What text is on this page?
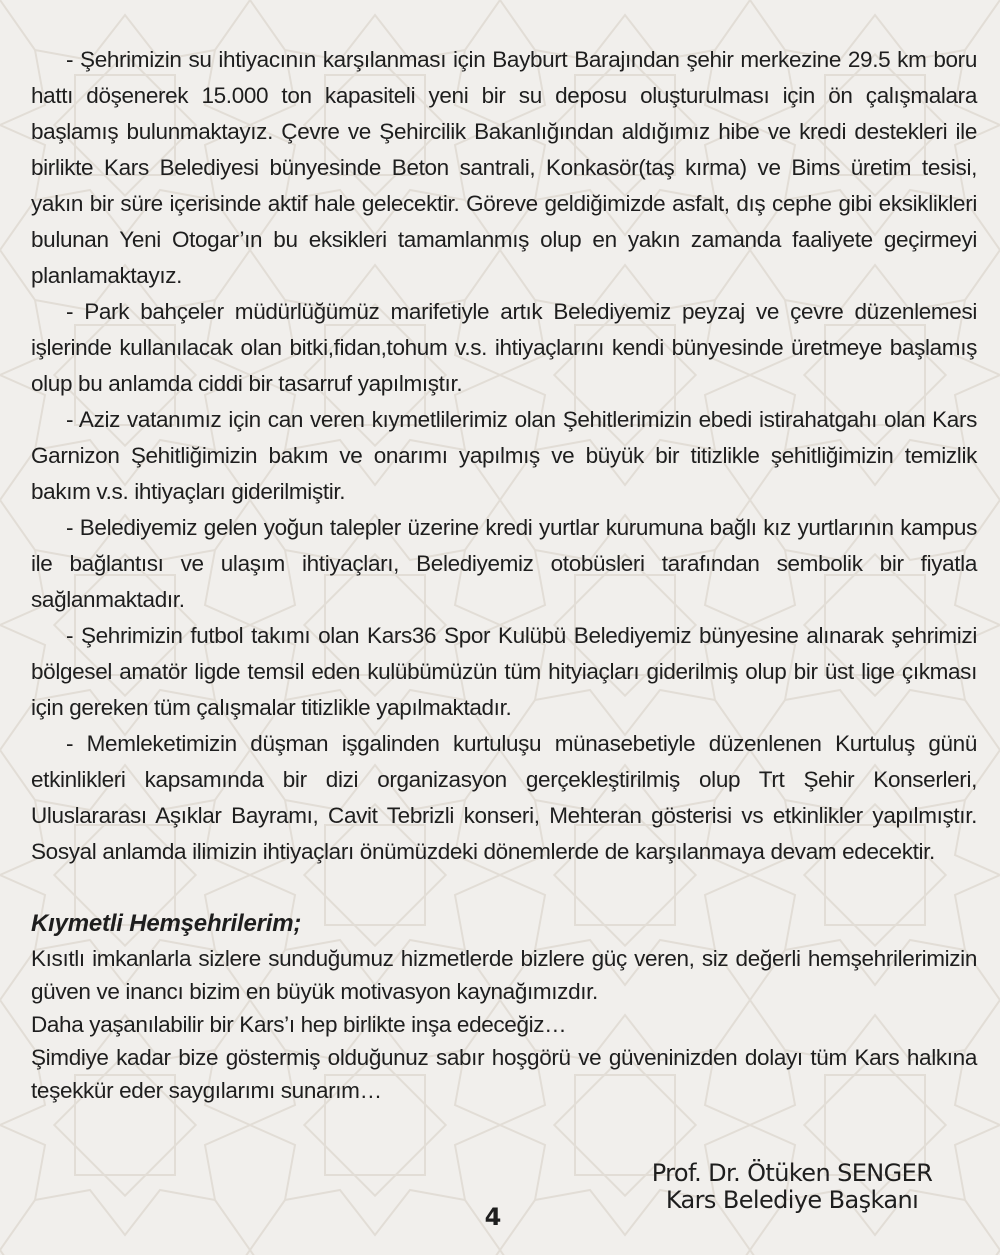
- Şehrimizin su ihtiyacının karşılanması için Bayburt Barajından şehir merkezine 29.5 km boru hattı döşenerek 15.000 ton kapasiteli yeni bir su deposu oluşturulması için ön çalışmalara başlamış bulunmaktayız. Çevre ve Şehircilik Bakanlığından aldığımız hibe ve kredi destekleri ile birlikte Kars Belediyesi bünyesinde Beton santrali, Konkasör(taş kırma) ve Bims üretim tesisi, yakın bir süre içerisinde aktif hale gelecektir. Göreve geldiğimizde asfalt, dış cephe gibi eksiklikleri bulunan Yeni Otogar’ın bu eksikleri tamamlanmış olup en yakın zamanda faaliyete geçirmeyi planlamaktayız.

- Park bahçeler müdürlüğümüz marifetiyle artık Belediyemiz peyzaj ve çevre düzenlemesi işlerinde kullanılacak olan bitki,fidan,tohum v.s. ihtiyaçlarını kendi bünyesinde üretmeye başlamış olup bu anlamda ciddi bir tasarruf yapılmıştır.

- Aziz vatanımız için can veren kıymetlilerimiz olan Şehitlerimizin ebedi istirahatgahı olan Kars Garnizon Şehitliğimizin bakım ve onarımı yapılmış ve büyük bir titizlikle şehitliğimizin temizlik bakım v.s. ihtiyaçları giderilmiştir.

- Belediyemiz gelen yoğun talepler üzerine kredi yurtlar kurumuna bağlı kız yurtlarının kampus ile bağlantısı ve ulaşım ihtiyaçları, Belediyemiz otobüsleri tarafından sembolik bir fiyatla sağlanmaktadır.

- Şehrimizin futbol takımı olan Kars36 Spor Kulübü Belediyemiz bünyesine alınarak şehrimizi bölgesel amatör ligde temsil eden kulübümüzün tüm hityiaçları giderilmiş olup bir üst lige çıkması için gereken tüm çalışmalar titizlikle yapılmaktadır.

- Memleketimizin düşman işgalinden kurtuluşu münasebetiyle düzenlenen Kurtuluş günü etkinlikleri kapsamında bir dizi organizasyon gerçekleştirilmiş olup Trt Şehir Konserleri, Uluslararası Aşıklar Bayramı, Cavit Tebrizli konseri, Mehteran gösterisi vs etkinlikler yapılmıştır. Sosyal anlamda ilimizin ihtiyaçları önümüzdeki dönemlerde de karşılanmaya devam edecektir.

Kıymetli Hemşehrilerim;

Kısıtlı imkanlarla sizlere sunduğumuz hizmetlerde bizlere güç veren, siz değerli hemşehrilerimizin güven ve inancı bizim en büyük motivasyon kaynağımızdır.

Daha yaşanılabilir bir Kars’ı hep birlikte inşa edeceğiz…

Şimdiye kadar bize göstermiş olduğunuz sabır hoşgörü ve güveninizden dolayı tüm Kars halkına teşekkür eder saygılarımı sunarım…

Prof. Dr. Ötüken SENGER
Kars Belediye Başkanı
4
